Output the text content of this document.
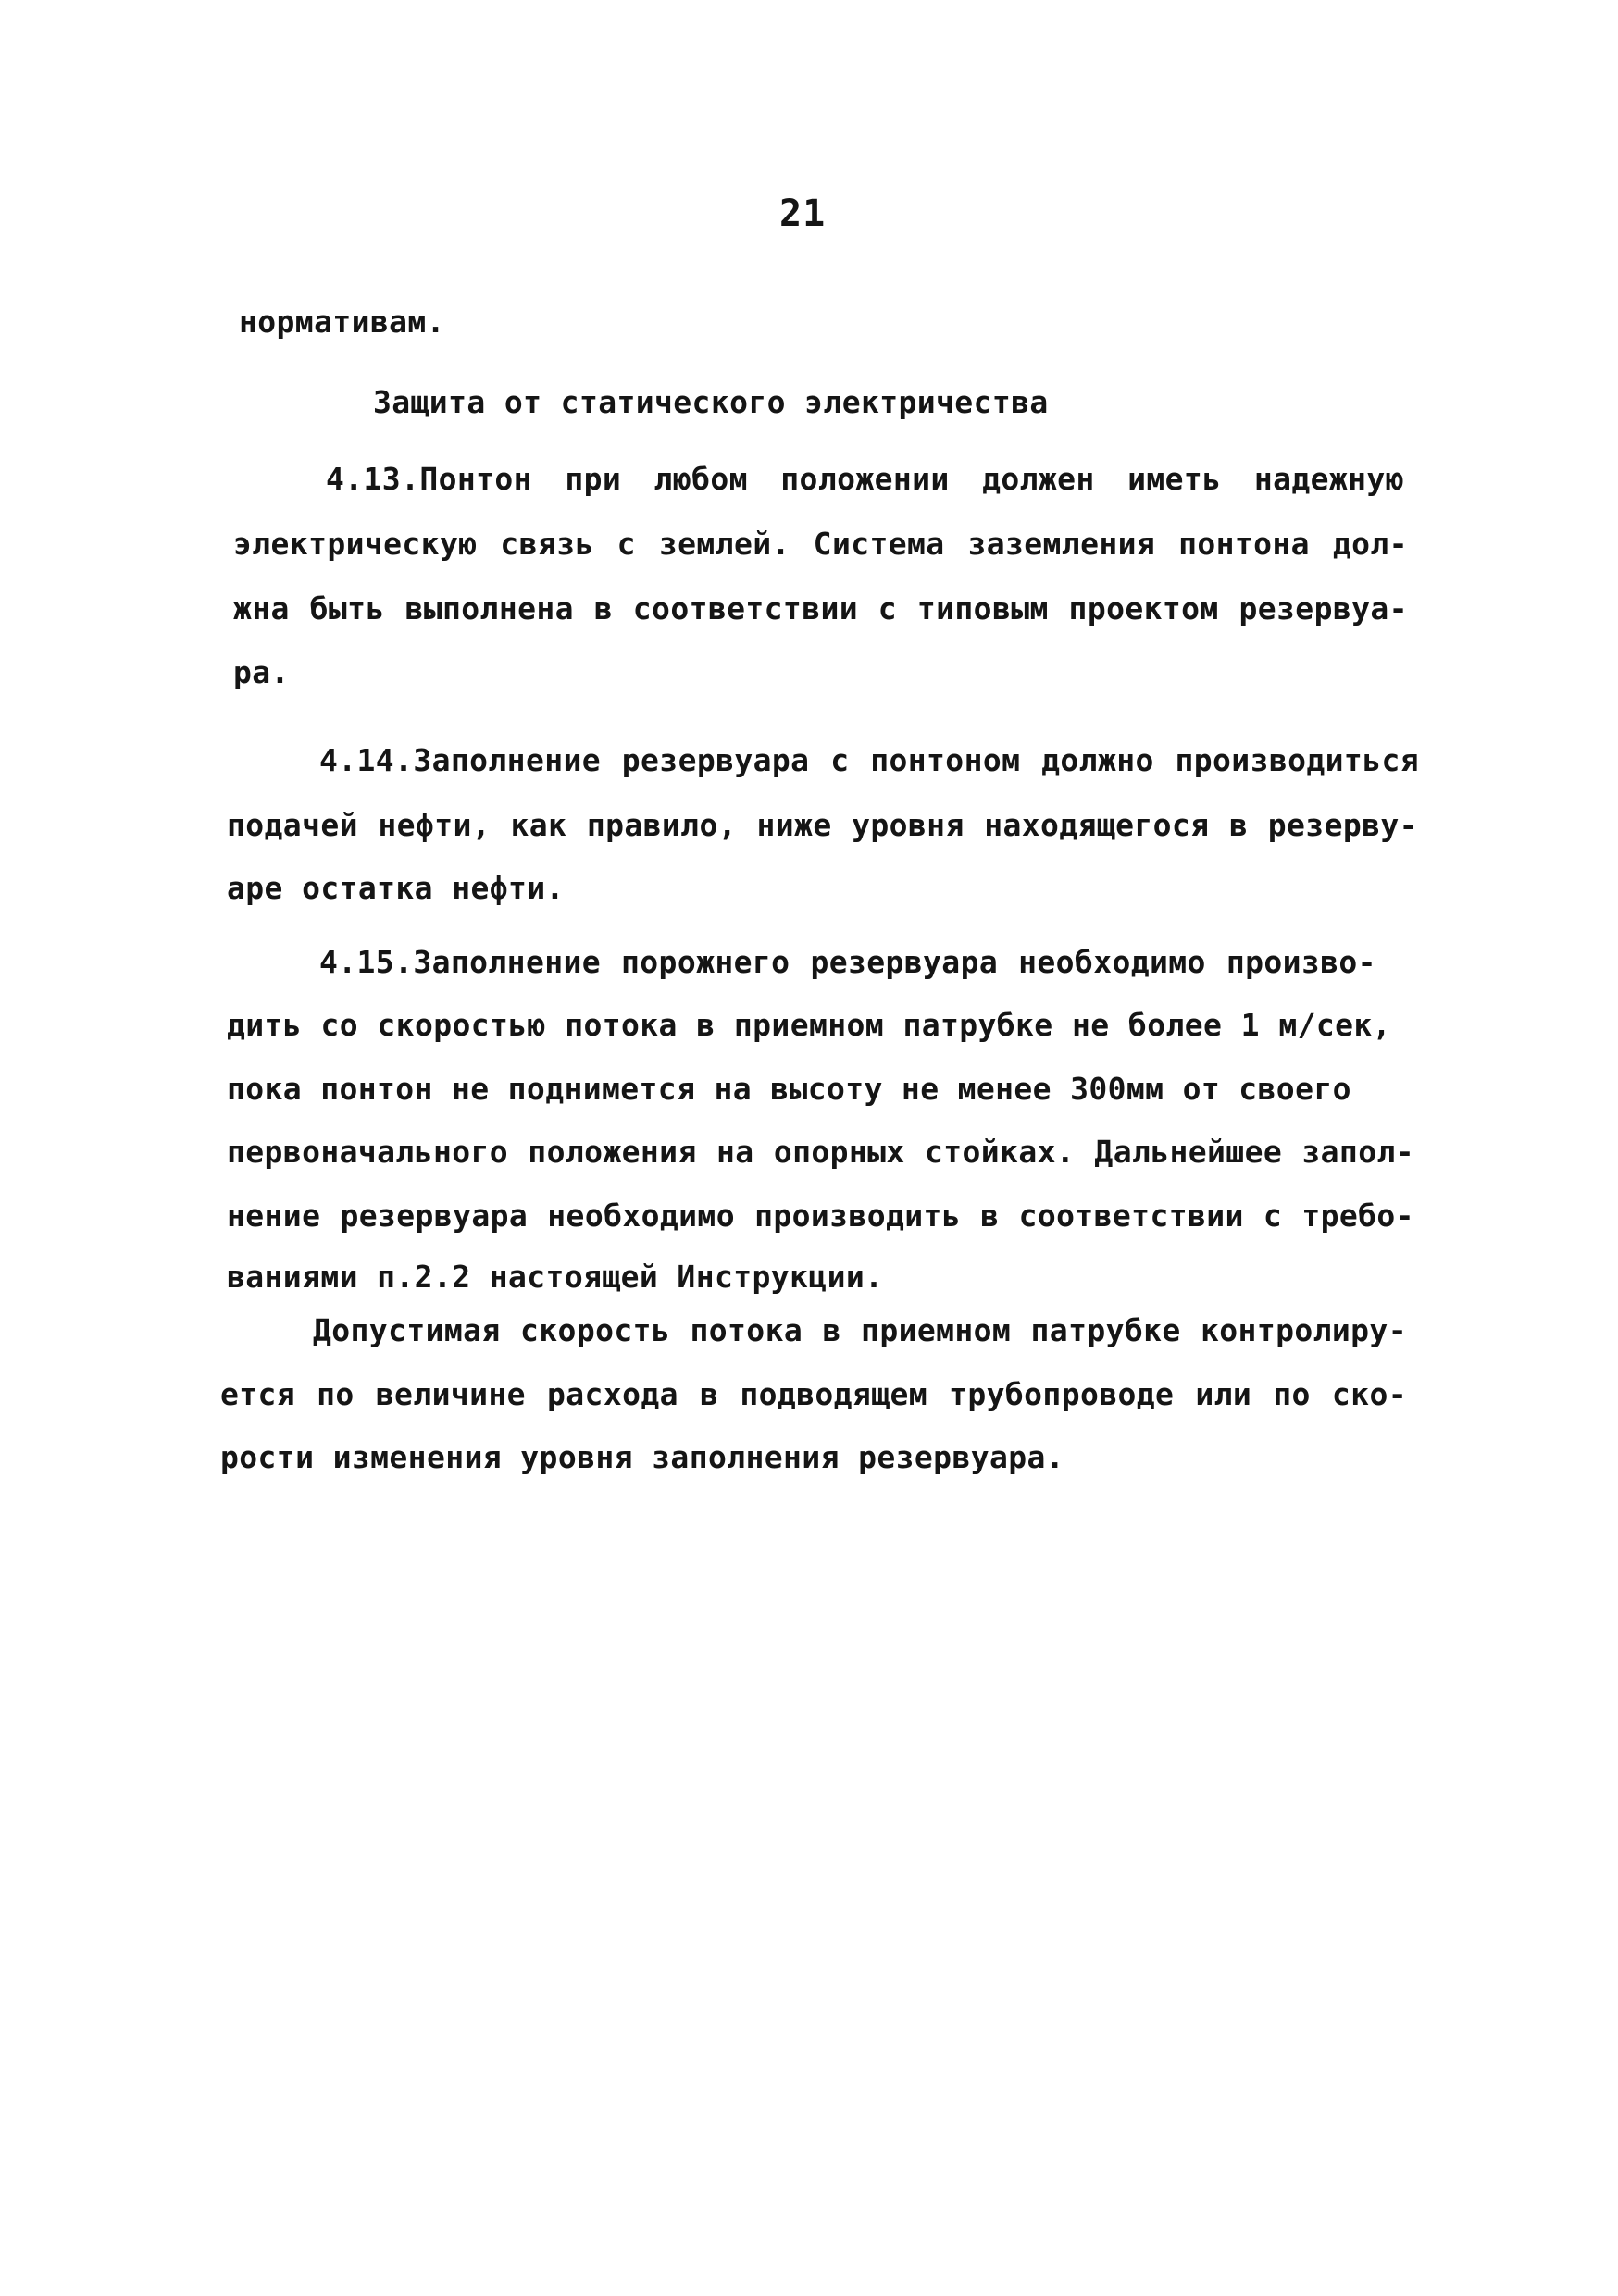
21
нормативам.
Защита от статического электричества
4.13.Понтон при любом положении должен иметь надежную
электрическую связь с землей. Система заземления понтона дол-
жна быть выполнена в соответствии с типовым проектом резервуа-
ра.
4.14.Заполнение резервуара с понтоном должно производиться
подачей нефти, как правило, ниже уровня находящегося в резерву-
аре остатка нефти.
4.15.Заполнение порожнего резервуара необходимо произво-
дить со скоростью потока в приемном патрубке не более 1 м/сек,
пока понтон не поднимется на высоту не менее 300мм от своего
первоначального положения на опорных стойках. Дальнейшее запол-
нение резервуара необходимо производить в соответствии с требо-
ваниями п.2.2 настоящей Инструкции.
Допустимая скорость потока в приемном патрубке контролиру-
ется по величине расхода в подводящем трубопроводе или по ско-
рости изменения уровня заполнения резервуара.
